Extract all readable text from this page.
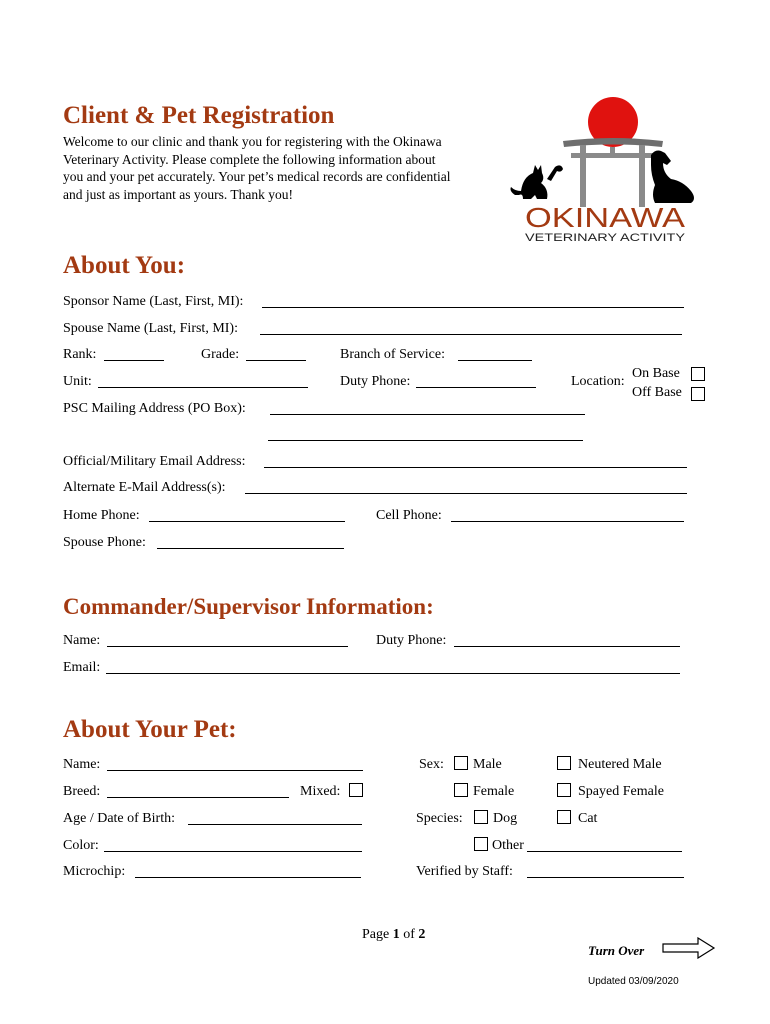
Client & Pet Registration

Welcome to our clinic and thank you for registering with the Okinawa

Veterinary Activity. Please complete the following information about

you and your pet accurately. Your pet’s medical records are confidential

and just as important as yours. Thank you!

OKINAWA
VETERINARY ACTIVITY
About You:
Sponsor Name (Last, First, MI):
Spouse Name (Last, First, MI):
Rank:	Grade:	Branch of Service:
Unit:	Duty Phone:	Location:
On Base
Off Base
PSC Mailing Address (PO Box):
Official/Military Email Address:
Alternate E-Mail Address(s):
Home Phone:	Cell Phone:
Spouse Phone:
Commander/Supervisor Information:
Name:	Duty Phone:
Email:
About Your Pet:
Name:
Breed:	Mixed:
Age / Date of Birth:
Color:
Microchip:
Sex: Male	Neutered Male
Female	Spayed Female
Species: Dog	Cat
Other
Verified by Staff:
Page 1 of 2
Turn Over
Updated 03/09/2020
